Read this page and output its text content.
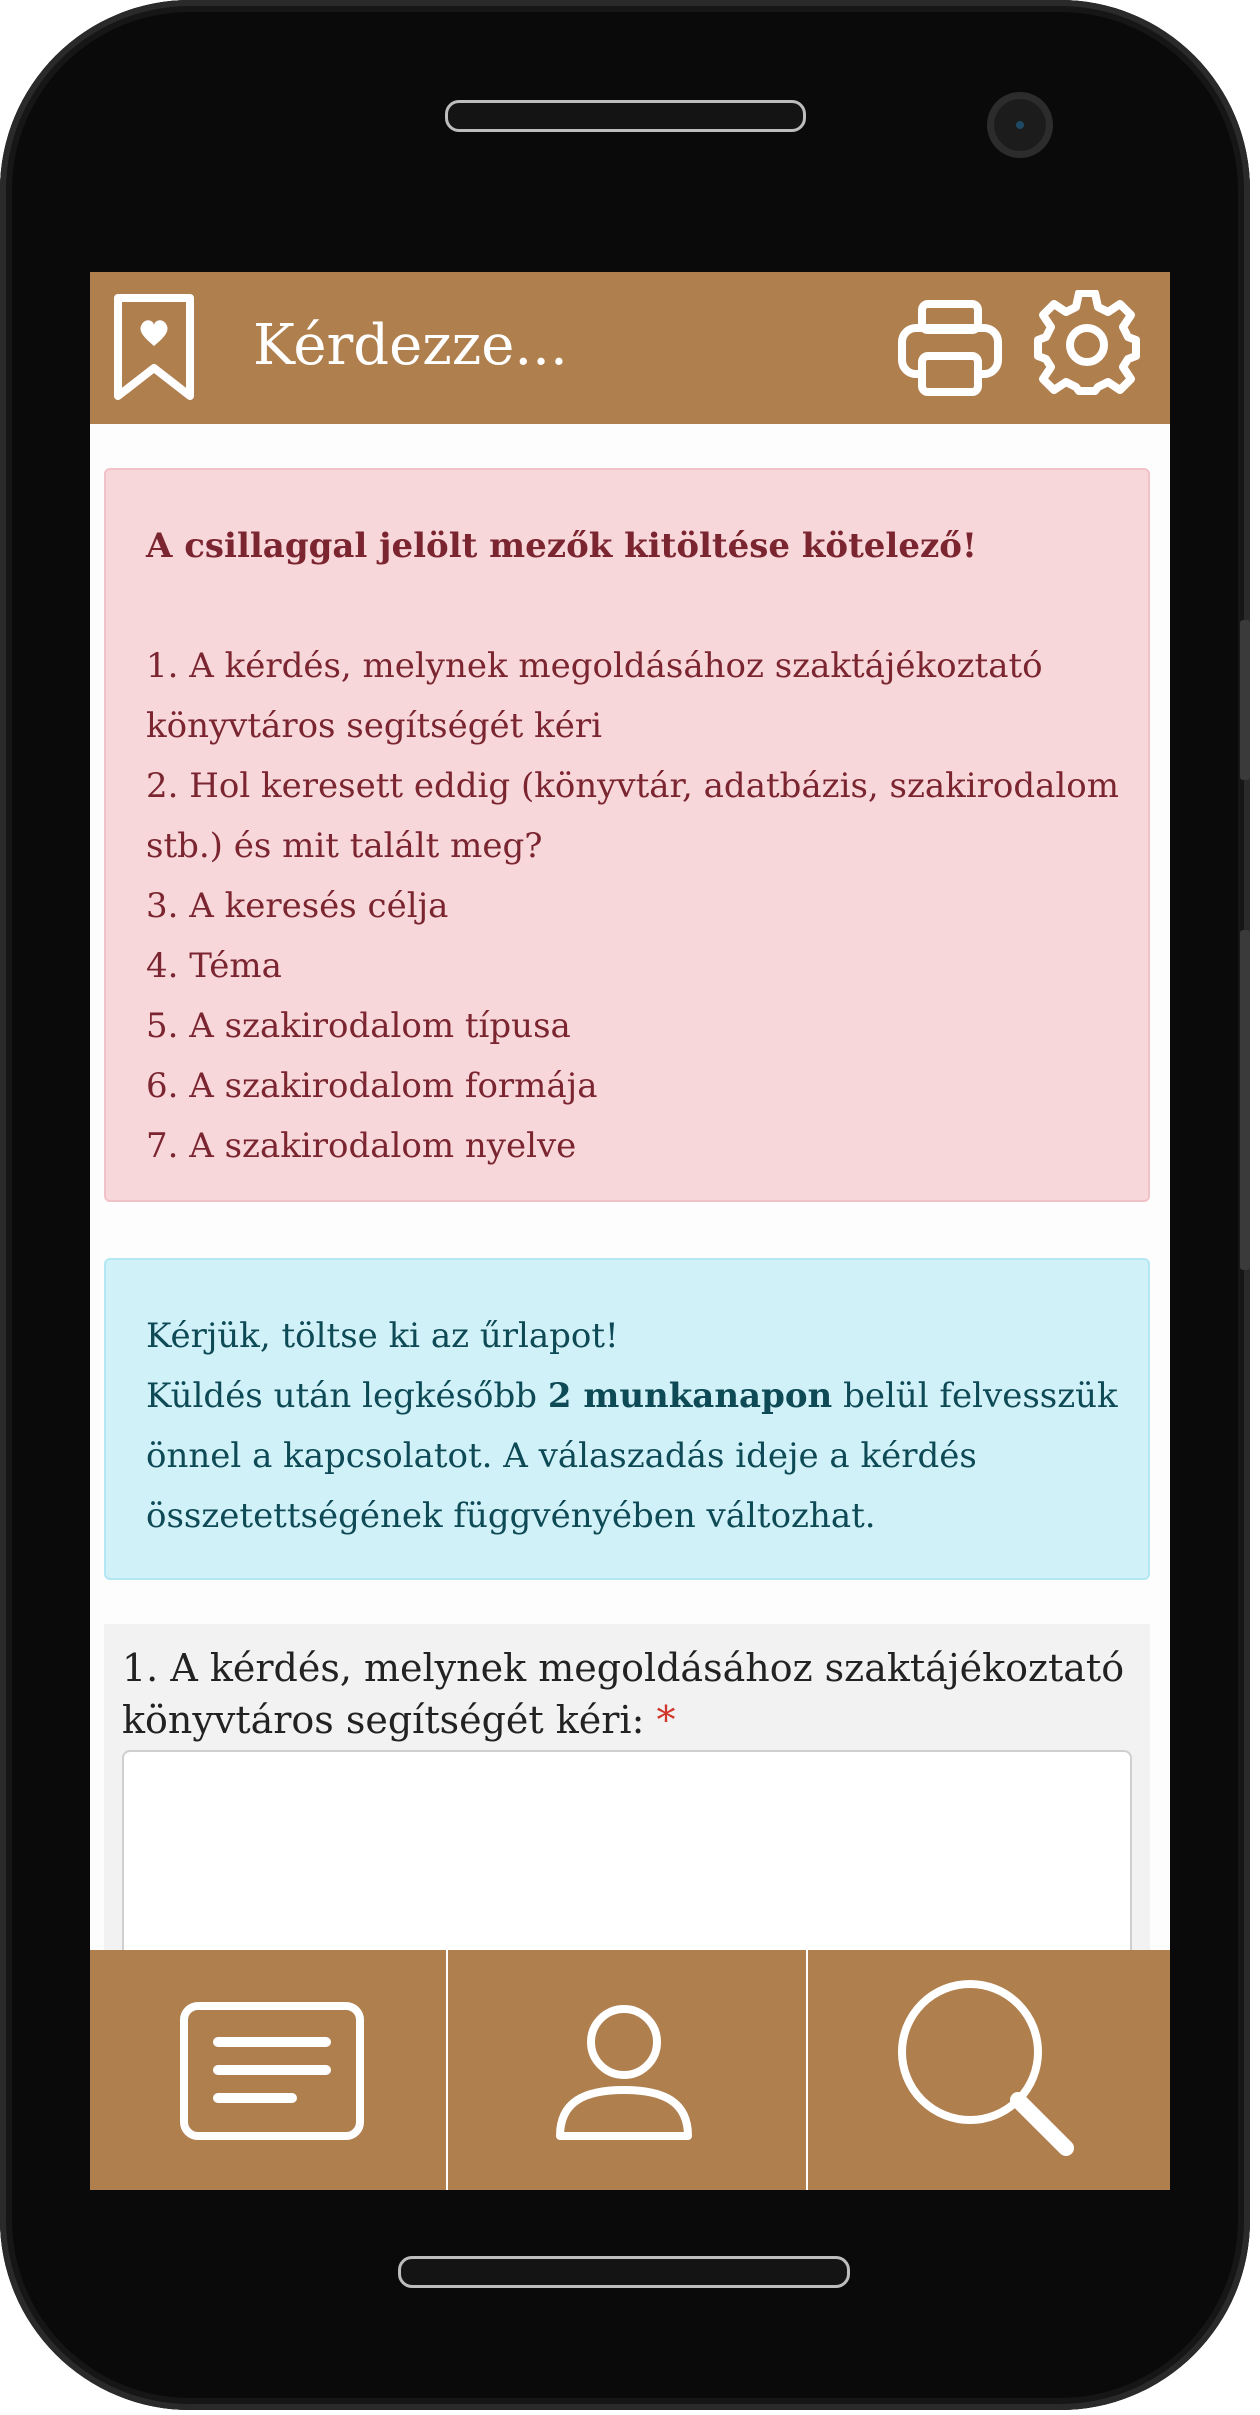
Kérdezze...
A csillaggal jelölt mezők kitöltése kötelező!
1. A kérdés, melynek megoldásához szaktájékoztató
könyvtáros segítségét kéri
2. Hol keresett eddig (könyvtár, adatbázis, szakirodalom
stb.) és mit talált meg?
3. A keresés célja
4. Téma
5. A szakirodalom típusa
6. A szakirodalom formája
7. A szakirodalom nyelve
Kérjük, töltse ki az űrlapot!
Küldés után legkésőbb 2 munkanapon belül felvesszük
önnel a kapcsolatot. A válaszadás ideje a kérdés
összetettségének függvényében változhat.
1. A kérdés, melynek megoldásához szaktájékoztató könyvtáros segítségét kéri: *
